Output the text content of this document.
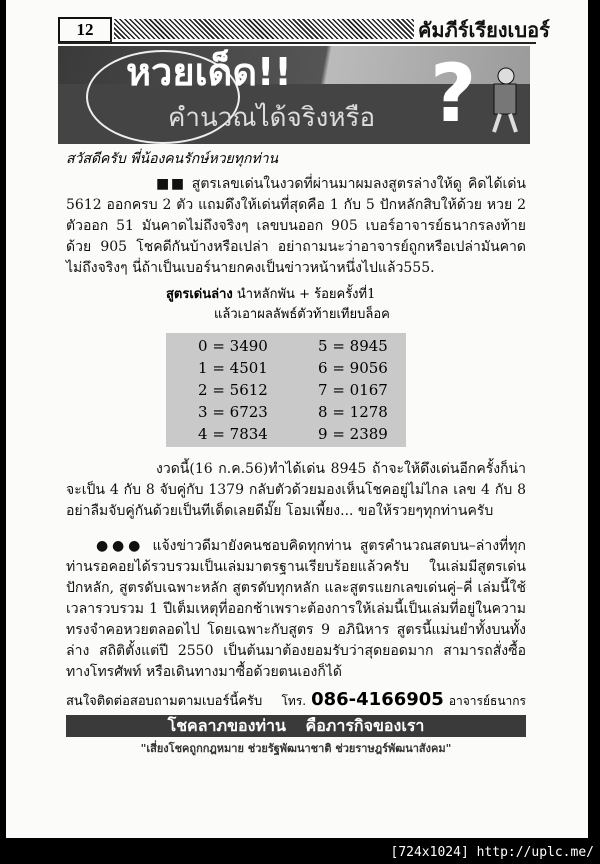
12	คัมภีร์เรียงเบอร์
หวยเด็ด!!
คำนวณได้จริงหรือ ?
สวัสดีครับ พี่น้องคนรักษ์หวยทุกท่าน
■■ สูตรเลขเด่นในงวดที่ผ่านมาผมลงสูตรล่างให้ดู คิดได้เด่น 5612 ออกครบ 2 ตัว แถมดึงให้เด่นที่สุดคือ 1 กับ 5 ปักหลักสิบให้ด้วย หวย 2 ตัวออก 51 มันคาดไม่ถึงจริงๆ เลขบนออก 905 เบอร์อาจารย์ธนากรลงท้ายด้วย 905 โชคดีกันบ้างหรือเปล่า อย่าถามนะว่าอาจารย์ถูกหรือเปล่ามันคาดไม่ถึงจริงๆ นี่ถ้าเป็นเบอร์นายกคงเป็นข่าวหน้าหนึ่งไปแล้ว555.
สูตรเด่นล่าง นำหลักพัน + ร้อยครั้งที่1
แล้วเอาผลลัพธ์ตัวท้ายเทียบล็อค
0 = 3490	5 = 8945
1 = 4501	6 = 9056
2 = 5612	7 = 0167
3 = 6723	8 = 1278
4 = 7834	9 = 2389
งวดนี้(16 ก.ค.56)ทำได้เด่น 8945 ถ้าจะให้ดึงเด่นอีกครั้งก็น่าจะเป็น 4 กับ 8 จับคู่กับ 1379 กลับตัวด้วยมองเห็นโชคอยู่ไม่ไกล เลข 4 กับ 8 อย่าลืมจับคู่กันด้วยเป็นทีเด็ดเลยดีมั๊ย โอมเพี้ยง... ขอให้รวยๆทุกท่านครับ
●●● แจ้งข่าวดีมายังคนชอบคิดทุกท่าน สูตรคำนวณสดบน–ล่างที่ทุกท่านรอคอยได้รวบรวมเป็นเล่มมาตรฐานเรียบร้อยแล้วครับ ในเล่มมีสูตรเด่นปักหลัก, สูตรดับเฉพาะหลัก สูตรดับทุกหลัก และสูตรแยกเลขเด่นคู่–คี่ เล่มนี้ใช้เวลารวบรวม 1 ปีเต็มเหตุที่ออกช้าเพราะต้องการให้เล่มนี้เป็นเล่มที่อยู่ในความทรงจำคอหวยตลอดไป โดยเฉพาะกับสูตร 9 อภินิหาร สูตรนี้แม่นยำทั้งบนทั้งล่าง สถิติตั้งแต่ปี 2550 เป็นต้นมาต้องยอมรับว่าสุดยอดมาก สามารถสั่งซื้อทางโทรศัพท์ หรือเดินทางมาซื้อด้วยตนเองก็ได้
สนใจติดต่อสอบถามตามเบอร์นี้ครับ โทร. 086-4166905 อาจารย์ธนากร
โชคลาภของท่าน คือภารกิจของเรา
"เสี่ยงโชคถูกกฎหมาย ช่วยรัฐพัฒนาชาติ ช่วยราษฎร์พัฒนาสังคม"
[724x1024] http://uplc.me/
